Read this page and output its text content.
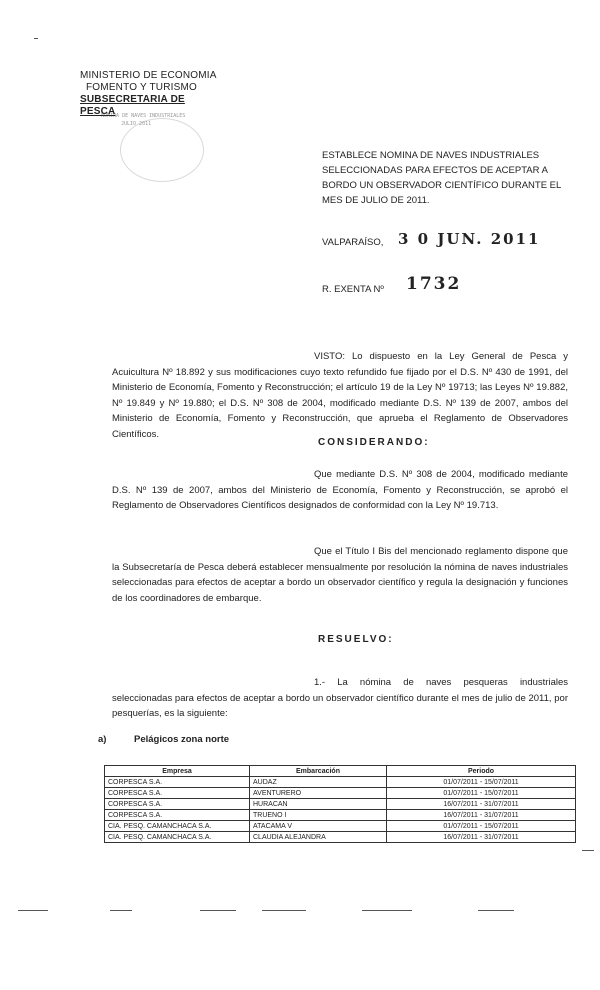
MINISTERIO DE ECONOMIA
FOMENTO Y TURISMO
SUBSECRETARIA DE PESCA
NOMINA DE NAVES INDUSTRIALES
JULIO 2011
ESTABLECE NOMINA DE NAVES INDUSTRIALES SELECCIONADAS PARA EFECTOS DE ACEPTAR A BORDO UN OBSERVADOR CIENTÍFICO DURANTE EL MES DE JULIO DE 2011.
VALPARAÍSO, 3 0 JUN. 2011
R. EXENTA Nº 1732
VISTO: Lo dispuesto en la Ley General de Pesca y Acuicultura Nº 18.892 y sus modificaciones cuyo texto refundido fue fijado por el D.S. Nº 430 de 1991, del Ministerio de Economía, Fomento y Reconstrucción; el artículo 19 de la Ley Nº 19713; las Leyes Nº 19.882, Nº 19.849 y Nº 19.880; el D.S. Nº 308 de 2004, modificado mediante D.S. Nº 139 de 2007, ambos del Ministerio de Economía, Fomento y Reconstrucción, que aprueba el Reglamento de Observadores Científicos.
CONSIDERANDO:
Que mediante D.S. Nº 308 de 2004, modificado mediante D.S. Nº 139 de 2007, ambos del Ministerio de Economía, Fomento y Reconstrucción, se aprobó el Reglamento de Observadores Científicos designados de conformidad con la Ley Nº 19.713.
Que el Título I Bis del mencionado reglamento dispone que la Subsecretaría de Pesca deberá establecer mensualmente por resolución la nómina de naves industriales seleccionadas para efectos de aceptar a bordo un observador científico y regula la designación y funciones de los coordinadores de embarque.
RESUELVO:
1.- La nómina de naves pesqueras industriales seleccionadas para efectos de aceptar a bordo un observador científico durante el mes de julio de 2011, por pesquerías, es la siguiente:
a)	Pelágicos zona norte
Empresa	Embarcación	Periodo
CORPESCA S.A.	AUDAZ	01/07/2011 - 15/07/2011
CORPESCA S.A.	AVENTURERO	01/07/2011 - 15/07/2011
CORPESCA S.A.	HURACAN	16/07/2011 - 31/07/2011
CORPESCA S.A.	TRUENO I	16/07/2011 - 31/07/2011
CIA. PESQ. CAMANCHACA S.A.	ATACAMA V	01/07/2011 - 15/07/2011
CIA. PESQ. CAMANCHACA S.A.	CLAUDIA ALEJANDRA	16/07/2011 - 31/07/2011
